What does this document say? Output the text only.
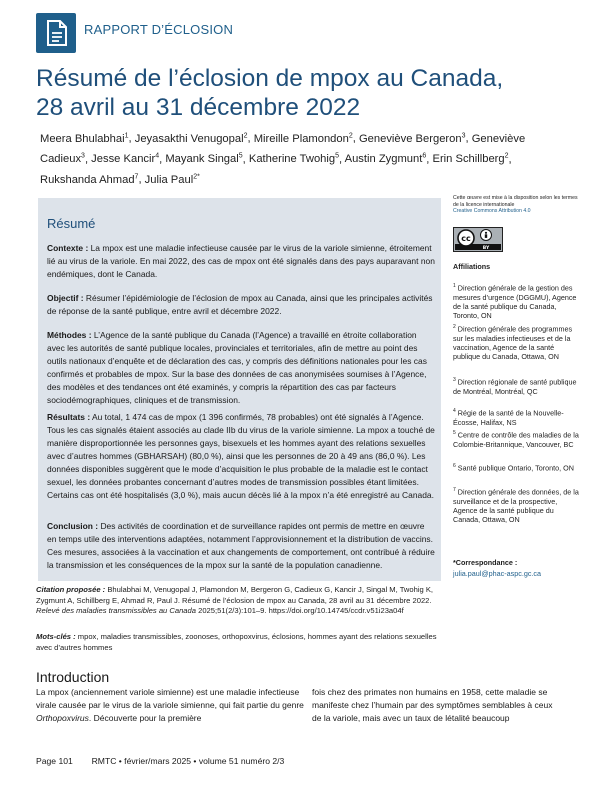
RAPPORT D’ÉCLOSION
Résumé de l’éclosion de mpox au Canada,
28 avril au 31 décembre 2022
Meera Bhulabhai$^1$, Jeyasakthi Venugopal$^2$, Mireille Plamondon$^2$, Geneviève Bergeron$^3$, Geneviève Cadieux$^3$, Jesse Kancir$^4$, Mayank Singal$^5$, Katherine Twohig$^5$, Austin Zygmunt$^6$, Erin Schillberg$^2$, Rukshanda Ahmad$^7$, Julia Paul$^{2*}$
Résumé
Contexte : La mpox est une maladie infectieuse causée par le virus de la variole simienne, étroitement lié au virus de la variole. En mai 2022, des cas de mpox ont été signalés dans des pays auparavant non endémiques, dont le Canada.
Objectif : Résumer l’épidémiologie de l’éclosion de mpox au Canada, ainsi que les principales activités de réponse de la santé publique, entre avril et décembre 2022.
Méthodes : L’Agence de la santé publique du Canada (l’Agence) a travaillé en étroite collaboration avec les autorités de santé publique locales, provinciales et territoriales, afin de mettre au point des outils nationaux d’enquête et de déclaration des cas, y compris des définitions nationales pour les cas confirmés et probables de mpox. Sur la base des données de cas anonymisées soumises à l’Agence, des modèles et des tendances ont été examinés, y compris la répartition des cas par facteurs sociodémographiques, cliniques et de transmission.
Résultats : Au total, 1 474 cas de mpox (1 396 confirmés, 78 probables) ont été signalés à l’Agence. Tous les cas signalés étaient associés au clade IIb du virus de la variole simienne. La mpox a touché de manière disproportionnée les personnes gays, bisexuels et les hommes ayant des relations sexuelles avec d’autres hommes (GBHARSAH) (80,0 %), ainsi que les personnes de 20 à 49 ans (86,0 %). Les données disponibles suggèrent que le mode d’acquisition le plus probable de la maladie est le contact sexuel, les données probantes concernant d’autres modes de transmission possibles étant limitées. Certains cas ont été hospitalisés (3,0 %), mais aucun décès lié à la mpox n’a été enregistré au Canada.
Conclusion : Des activités de coordination et de surveillance rapides ont permis de mettre en œuvre en temps utile des interventions adaptées, notamment l’approvisionnement et la distribution de vaccins. Ces mesures, associées à la vaccination et aux changements de comportement, ont contribué à réduire la transmission et les conséquences de la mpox sur la santé de la population canadienne.
Citation proposée : Bhulabhai M, Venugopal J, Plamondon M, Bergeron G, Cadieux G, Kancir J, Singal M, Twohig K, Zygmunt A, Schillberg E, Ahmad R, Paul J. Résumé de l’éclosion de mpox au Canada, 28 avril au 31 décembre 2022. Relevé des maladies transmissibles au Canada 2025;51(2/3):101–9. https://doi.org/10.14745/ccdr.v51i23a04f
Mots-clés : mpox, maladies transmissibles, zoonoses, orthopoxvirus, éclosions, hommes ayant des relations sexuelles avec d’autres hommes
Cette œuvre est mise à la disposition selon les termes de la licence internationale
Creative Commons Attribution 4.0
cc
BY
Affiliations
$^1$ Direction générale de la gestion des mesures d’urgence (DGGMU), Agence de la santé publique du Canada, Toronto, ON
$^2$ Direction générale des programmes sur les maladies infectieuses et de la vaccination, Agence de la santé publique du Canada, Ottawa, ON
$^3$ Direction régionale de santé publique de Montréal, Montréal, QC
$^4$ Régie de la santé de la Nouvelle-Écosse, Halifax, NS
$^5$ Centre de contrôle des maladies de la Colombie-Britannique, Vancouver, BC
$^6$ Santé publique Ontario, Toronto, ON
$^7$ Direction générale des données, de la surveillance et de la prospective, Agence de la santé publique du Canada, Ottawa, ON
*Correspondance :
julia.paul@phac-aspc.gc.ca
Introduction
La mpox (anciennement variole simienne) est une maladie infectieuse virale causée par le virus de la variole simienne, qui fait partie du genre Orthopoxvirus. Découverte pour la première
fois chez des primates non humains en 1958, cette maladie se manifeste chez l’humain par des symptômes semblables à ceux de la variole, mais avec un taux de létalité beaucoup
Page 101 RMTC • février/mars 2025 • volume 51 numéro 2/3
